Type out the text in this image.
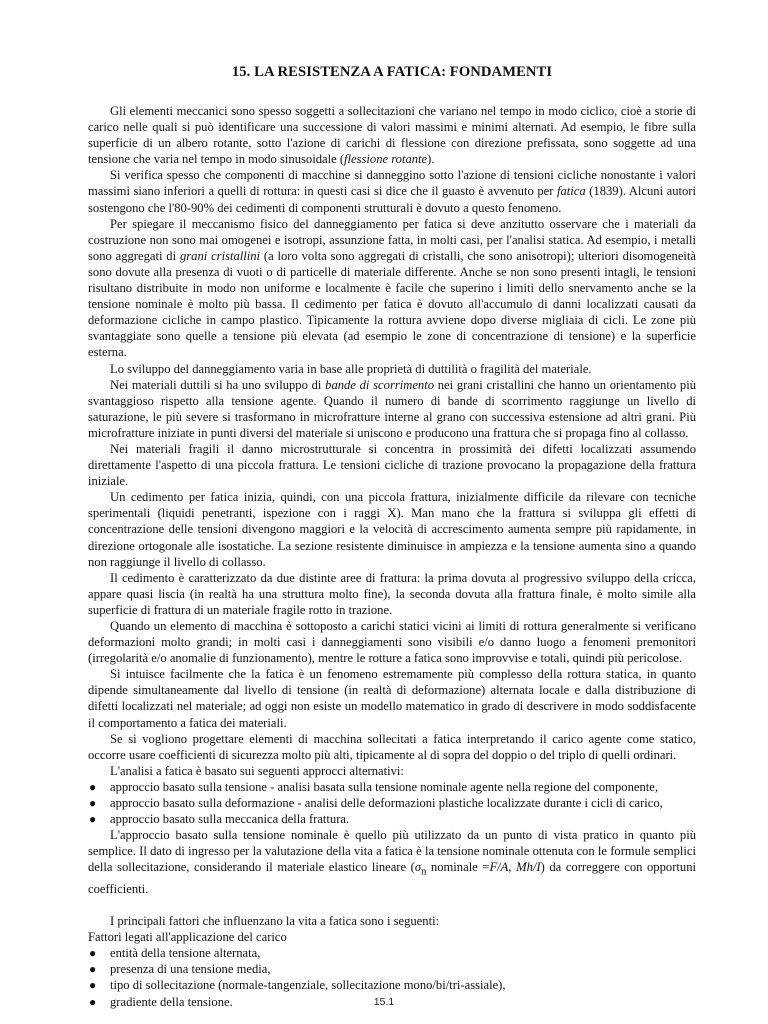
15. LA RESISTENZA A FATICA: FONDAMENTI

Gli elementi meccanici sono spesso soggetti a sollecitazioni che variano nel tempo in modo ciclico, cioè a storie di carico nelle quali si può identificare una successione di valori massimi e minimi alternati. Ad esempio, le fibre sulla superficie di un albero rotante, sotto l'azione di carichi di flessione con direzione prefissata, sono soggette ad una tensione che varia nel tempo in modo sinusoidale (flessione rotante).

Si verifica spesso che componenti di macchine si danneggino sotto l'azione di tensioni cicliche nonostante i valori massimi siano inferiori a quelli di rottura: in questi casi si dice che il guasto è avvenuto per fatica (1839). Alcuni autori sostengono che l'80-90% dei cedimenti di componenti strutturali è dovuto a questo fenomeno.

Per spiegare il meccanismo fisico del danneggiamento per fatica si deve anzitutto osservare che i materiali da costruzione non sono mai omogenei e isotropi, assunzione fatta, in molti casi, per l'analisi statica. Ad esempio, i metalli sono aggregati di grani cristallini (a loro volta sono aggregati di cristalli, che sono anisotropi); ulteriori disomogeneità sono dovute alla presenza di vuoti o di particelle di materiale differente. Anche se non sono presenti intagli, le tensioni risultano distribuite in modo non uniforme e localmente è facile che superino i limiti dello snervamento anche se la tensione nominale è molto più bassa. Il cedimento per fatica è dovuto all'accumulo di danni localizzati causati da deformazione cicliche in campo plastico. Tipicamente la rottura avviene dopo diverse migliaia di cicli. Le zone più svantaggiate sono quelle a tensione più elevata (ad esempio le zone di concentrazione di tensione) e la superficie esterna.

Lo sviluppo del danneggiamento varia in base alle proprietà di duttilità o fragilità del materiale.

Nei materiali duttili si ha uno sviluppo di bande di scorrimento nei grani cristallini che hanno un orientamento più svantaggioso rispetto alla tensione agente. Quando il numero di bande di scorrimento raggiunge un livello di saturazione, le più severe si trasformano in microfratture interne al grano con successiva estensione ad altri grani. Più microfratture iniziate in punti diversi del materiale si uniscono e producono una frattura che si propaga fino al collasso.

Nei materiali fragili il danno microstrutturale si concentra in prossimità dei difetti localizzati assumendo direttamente l'aspetto di una piccola frattura. Le tensioni cicliche di trazione provocano la propagazione della frattura iniziale.

Un cedimento per fatica inizia, quindi, con una piccola frattura, inizialmente difficile da rilevare con tecniche sperimentali (liquidi penetranti, ispezione con i raggi X). Man mano che la frattura si sviluppa gli effetti di concentrazione delle tensioni divengono maggiori e la velocità di accrescimento aumenta sempre più rapidamente, in direzione ortogonale alle isostatiche. La sezione resistente diminuisce in ampiezza e la tensione aumenta sino a quando non raggiunge il livello di collasso.

Il cedimento è caratterizzato da due distinte aree di frattura: la prima dovuta al progressivo sviluppo della cricca, appare quasi liscia (in realtà ha una struttura molto fine), la seconda dovuta alla frattura finale, è molto simile alla superficie di frattura di un materiale fragile rotto in trazione.

Quando un elemento di macchina è sottoposto a carichi statici vicini ai limiti di rottura generalmente si verificano deformazioni molto grandi; in molti casi i danneggiamenti sono visibili e/o danno luogo a fenomeni premonitori (irregolarità e/o anomalie di funzionamento), mentre le rotture a fatica sono improvvise e totali, quindi più pericolose.

Si intuisce facilmente che la fatica è un fenomeno estremamente più complesso della rottura statica, in quanto dipende simultaneamente dal livello di tensione (in realtà di deformazione) alternata locale e dalla distribuzione di difetti localizzati nel materiale; ad oggi non esiste un modello matematico in grado di descrivere in modo soddisfacente il comportamento a fatica dei materiali.

Se si vogliono progettare elementi di macchina sollecitati a fatica interpretando il carico agente come statico, occorre usare coefficienti di sicurezza molto più alti, tipicamente al di sopra del doppio o del triplo di quelli ordinari.

L'analisi a fatica è basato sui seguenti approcci alternativi:

● approccio basato sulla tensione - analisi basata sulla tensione nominale agente nella regione del componente,
● approccio basato sulla deformazione - analisi delle deformazioni plastiche localizzate durante i cicli di carico,
● approccio basato sulla meccanica della frattura.

L'approccio basato sulla tensione nominale è quello più utilizzato da un punto di vista pratico in quanto più semplice. Il dato di ingresso per la valutazione della vita a fatica è la tensione nominale ottenuta con le formule semplici della sollecitazione, considerando il materiale elastico lineare ($\sigma_n$ nominale =F/A, Mh/I) da correggere con opportuni coefficienti.

I principali fattori che influenzano la vita a fatica sono i seguenti:

Fattori legati all'applicazione del carico

● entità della tensione alternata,
● presenza di una tensione media,
● tipo di sollecitazione (normale-tangenziale, sollecitazione mono/bi/tri-assiale),
● gradiente della tensione.	15.1
